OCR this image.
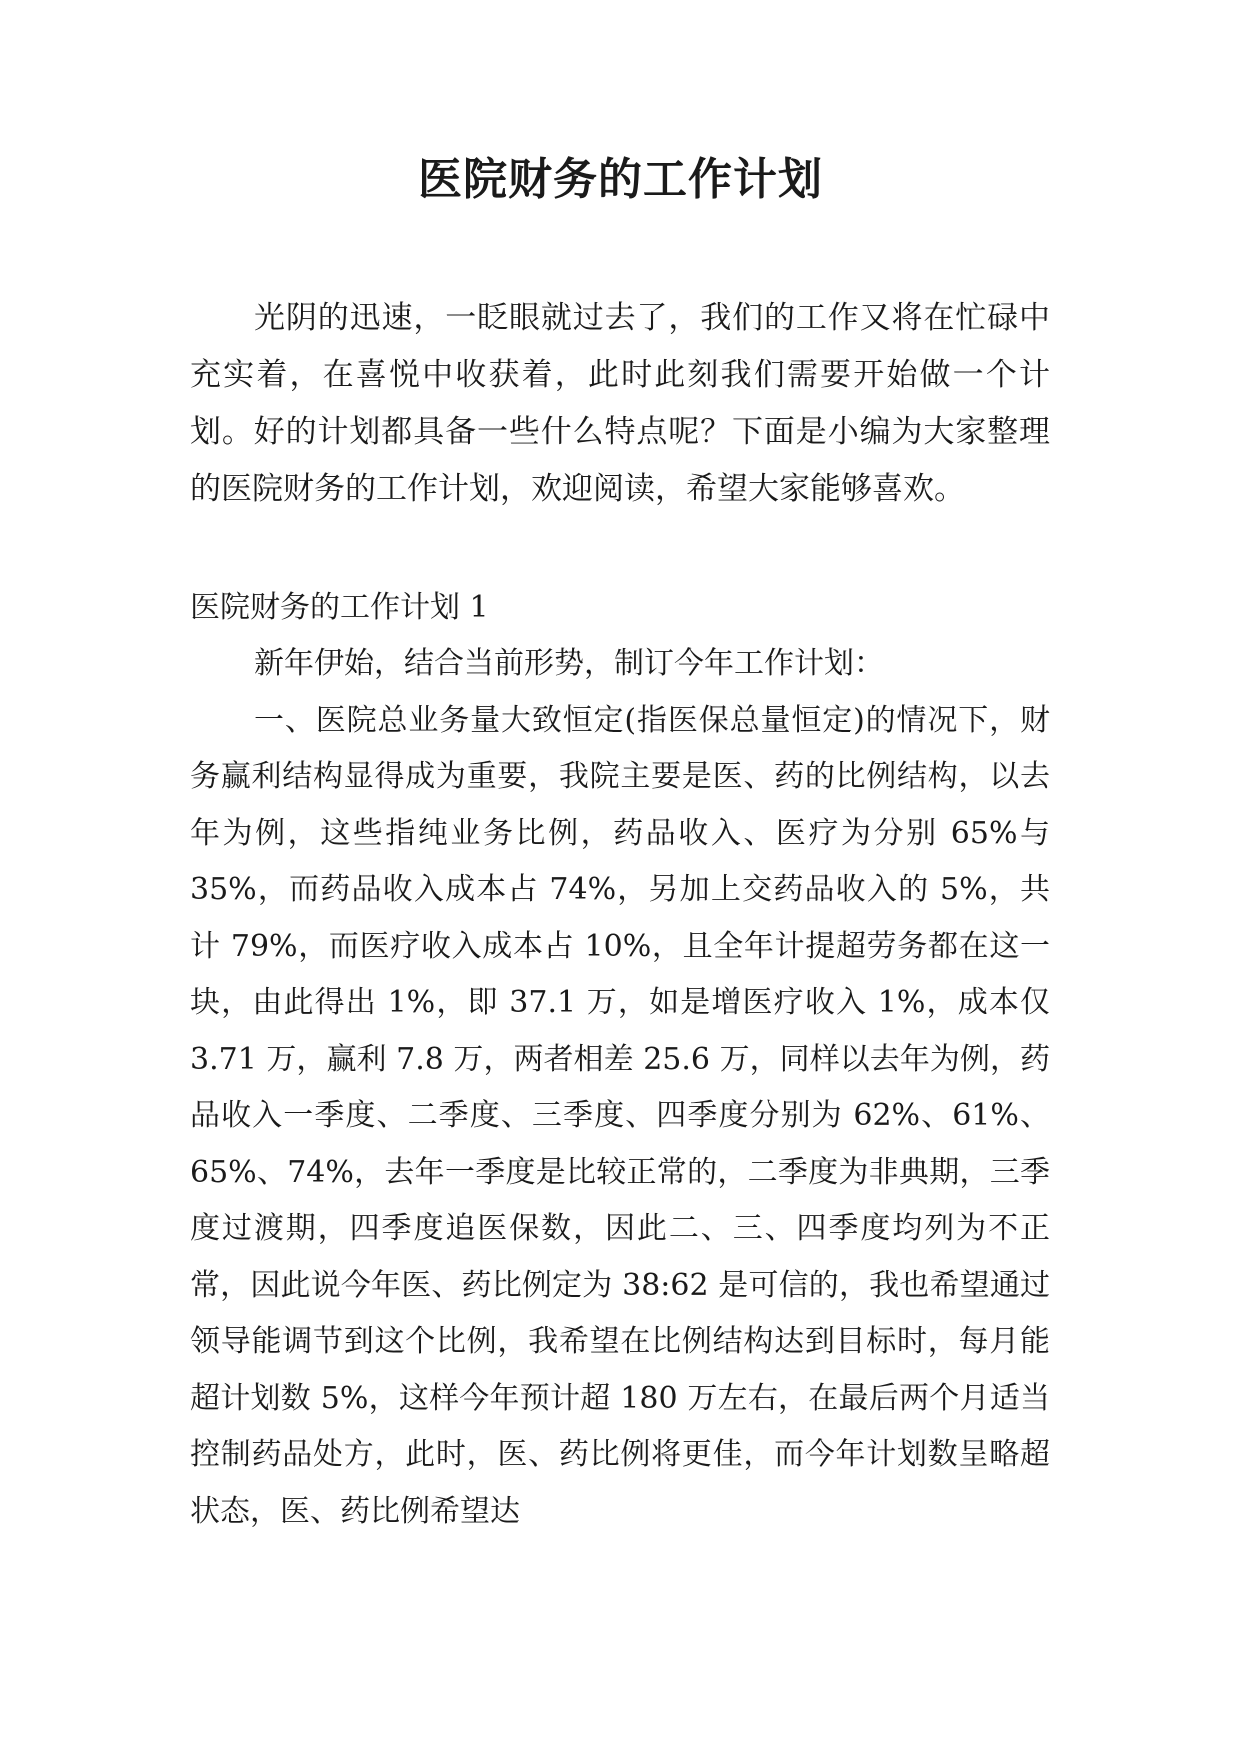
医院财务的工作计划

光阴的迅速，一眨眼就过去了，我们的工作又将在忙碌中充实着，在喜悦中收获着，此时此刻我们需要开始做一个计划。好的计划都具备一些什么特点呢？下面是小编为大家整理的医院财务的工作计划，欢迎阅读，希望大家能够喜欢。

医院财务的工作计划 1

新年伊始，结合当前形势，制订今年工作计划：

一、医院总业务量大致恒定(指医保总量恒定)的情况下，财务赢利结构显得成为重要，我院主要是医、药的比例结构，以去年为例，这些指纯业务比例，药品收入、医疗为分别 65%与 35%，而药品收入成本占 74%，另加上交药品收入的 5%，共计 79%，而医疗收入成本占 10%，且全年计提超劳务都在这一块，由此得出 1%，即 37.1 万，如是增医疗收入 1%，成本仅 3.71 万，赢利 7.8 万，两者相差 25.6 万，同样以去年为例，药品收入一季度、二季度、三季度、四季度分别为 62%、61%、65%、74%，去年一季度是比较正常的，二季度为非典期，三季度过渡期，四季度追医保数，因此二、三、四季度均列为不正常，因此说今年医、药比例定为 38:62 是可信的，我也希望通过领导能调节到这个比例，我希望在比例结构达到目标时，每月能超计划数 5%，这样今年预计超 180 万左右，在最后两个月适当控制药品处方，此时，医、药比例将更佳，而今年计划数呈略超状态，医、药比例希望达
